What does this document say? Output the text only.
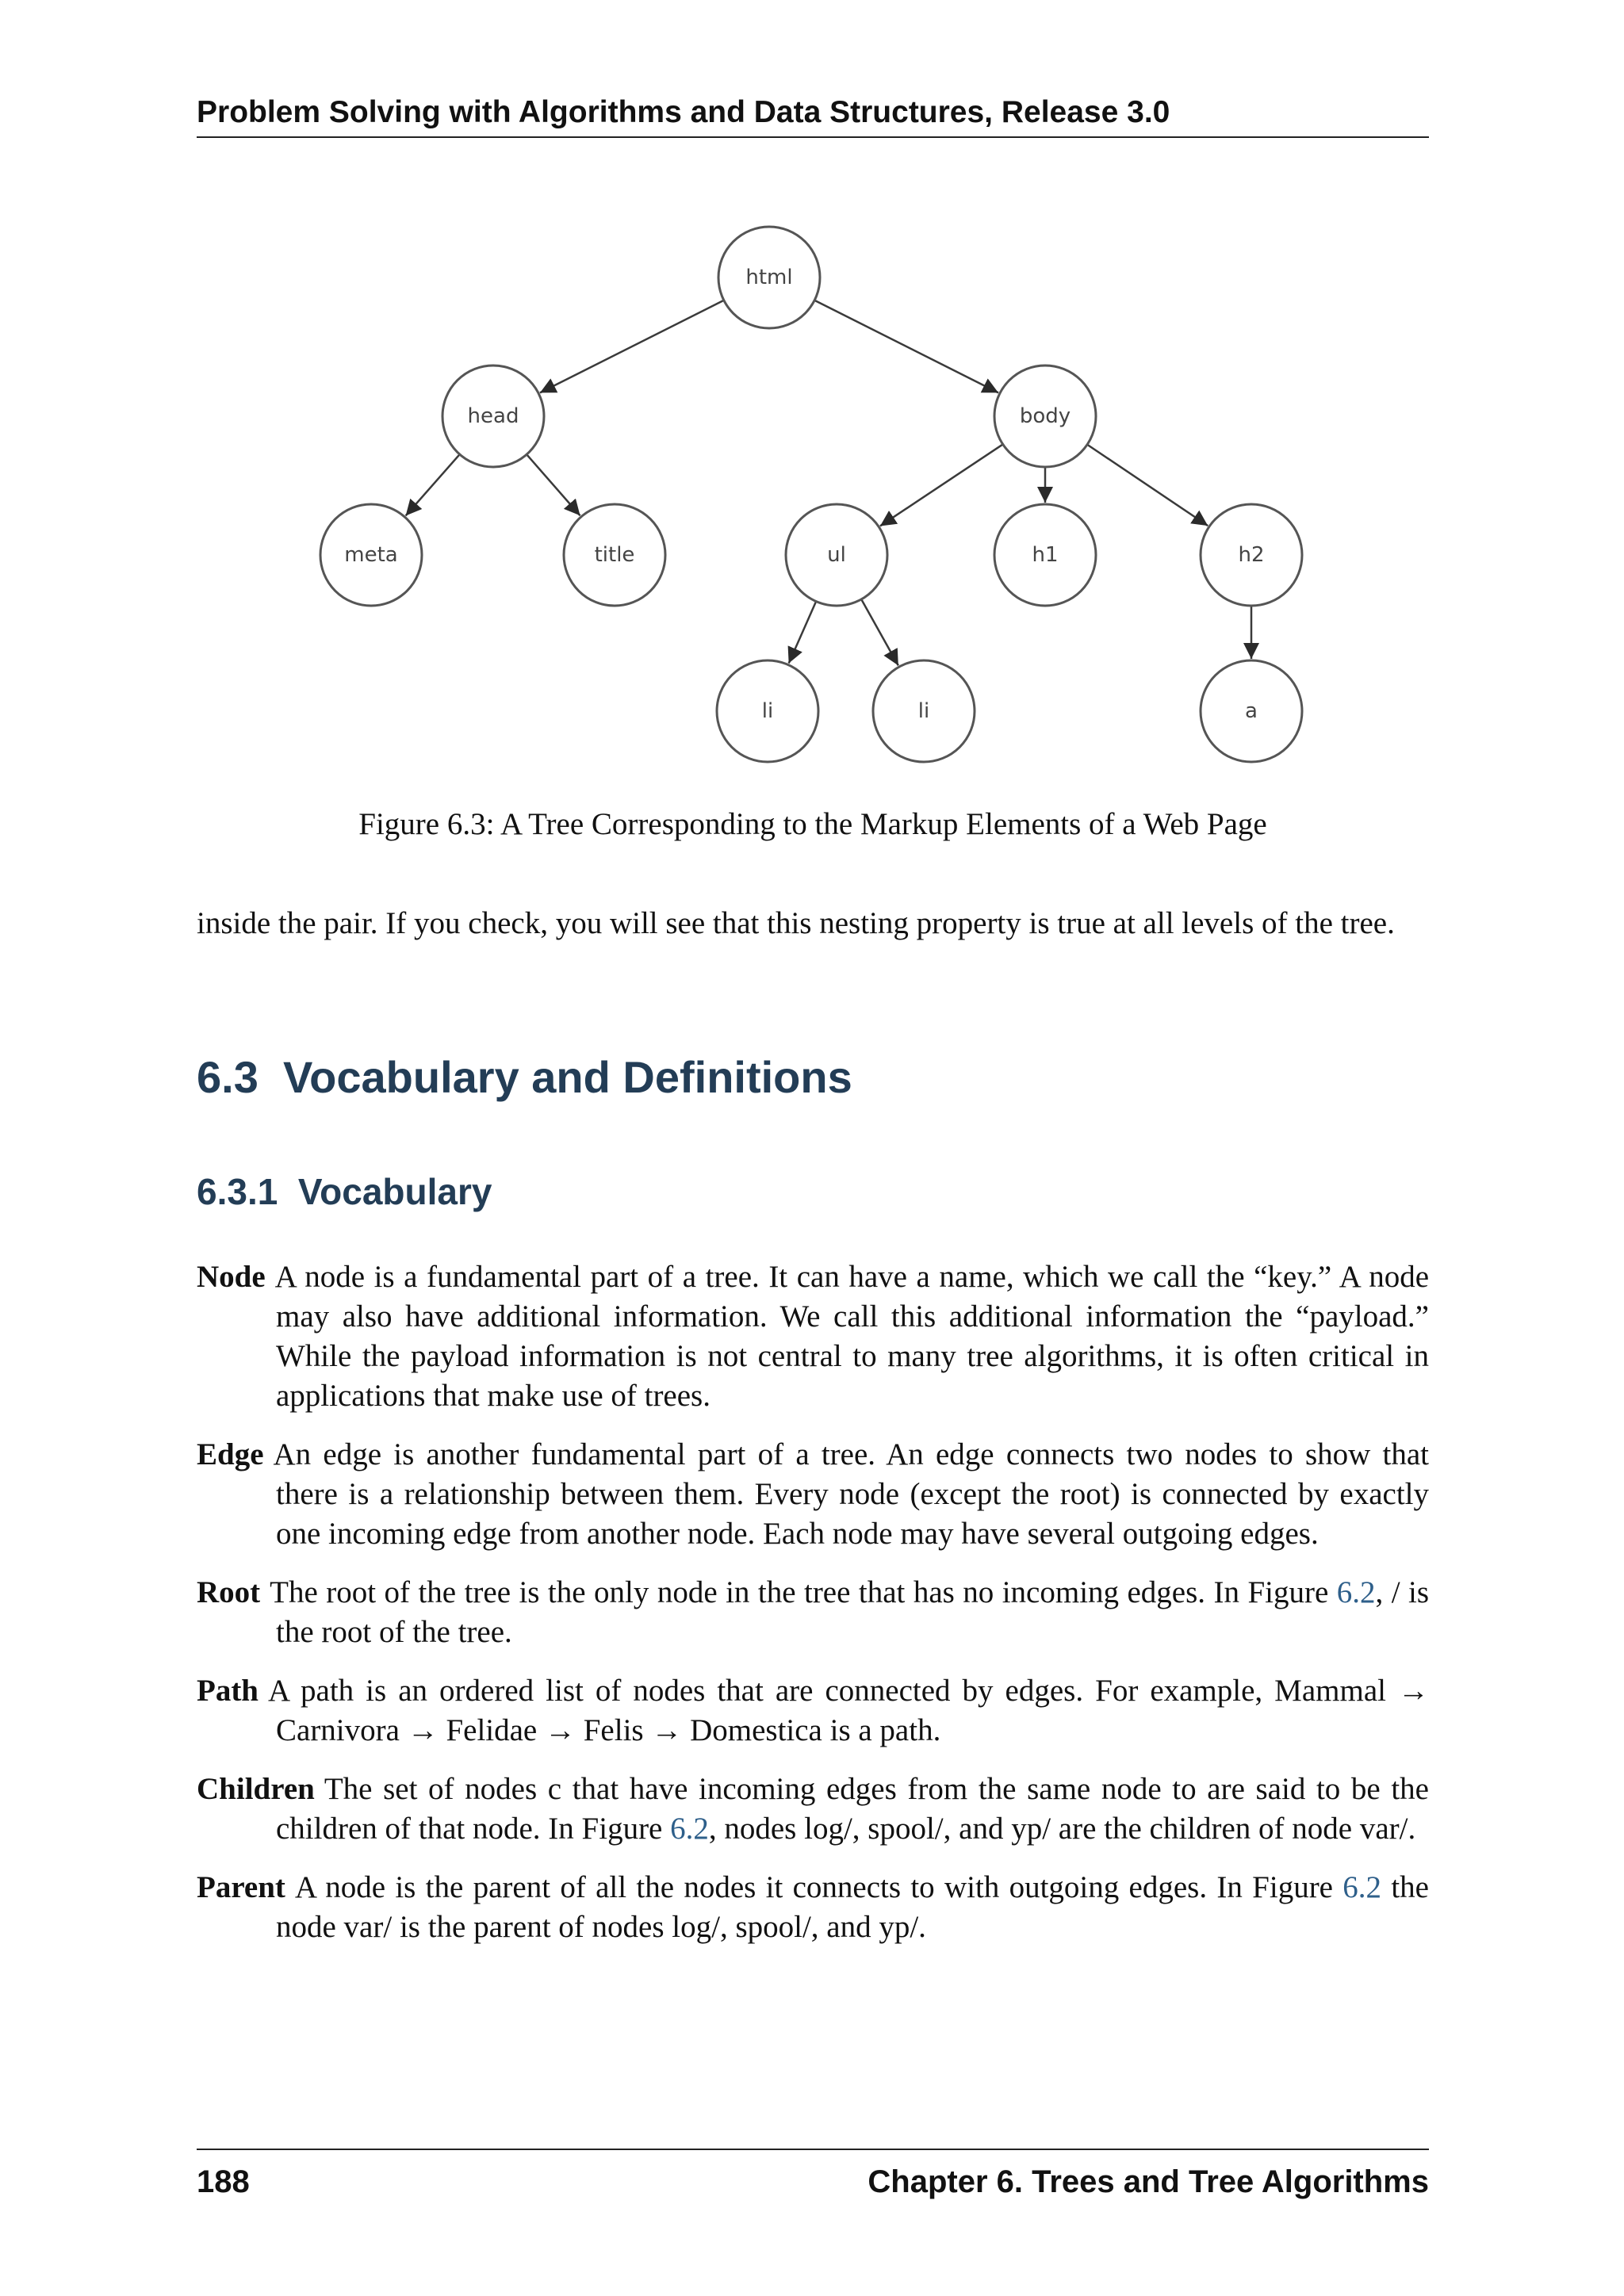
Problem Solving with Algorithms and Data Structures, Release 3.0
html
head	body
meta	title	ul	h1	h2
li	li	a
Figure 6.3: A Tree Corresponding to the Markup Elements of a Web Page
inside the pair. If you check, you will see that this nesting property is true at all levels of the tree.
6.3 Vocabulary and Definitions
6.3.1 Vocabulary
Node A node is a fundamental part of a tree. It can have a name, which we call the “key.” A node may also have additional information. We call this additional information the “payload.” While the payload information is not central to many tree algorithms, it is often critical in applications that make use of trees.
Edge An edge is another fundamental part of a tree. An edge connects two nodes to show that there is a relationship between them. Every node (except the root) is connected by exactly one incoming edge from another node. Each node may have several outgoing edges.
Root The root of the tree is the only node in the tree that has no incoming edges. In Figure 6.2, / is the root of the tree.
Path A path is an ordered list of nodes that are connected by edges. For example, Mammal → Carnivora → Felidae → Felis → Domestica is a path.
Children The set of nodes c that have incoming edges from the same node to are said to be the children of that node. In Figure 6.2, nodes log/, spool/, and yp/ are the children of node var/.
Parent A node is the parent of all the nodes it connects to with outgoing edges. In Figure 6.2 the node var/ is the parent of nodes log/, spool/, and yp/.
188	Chapter 6. Trees and Tree Algorithms
